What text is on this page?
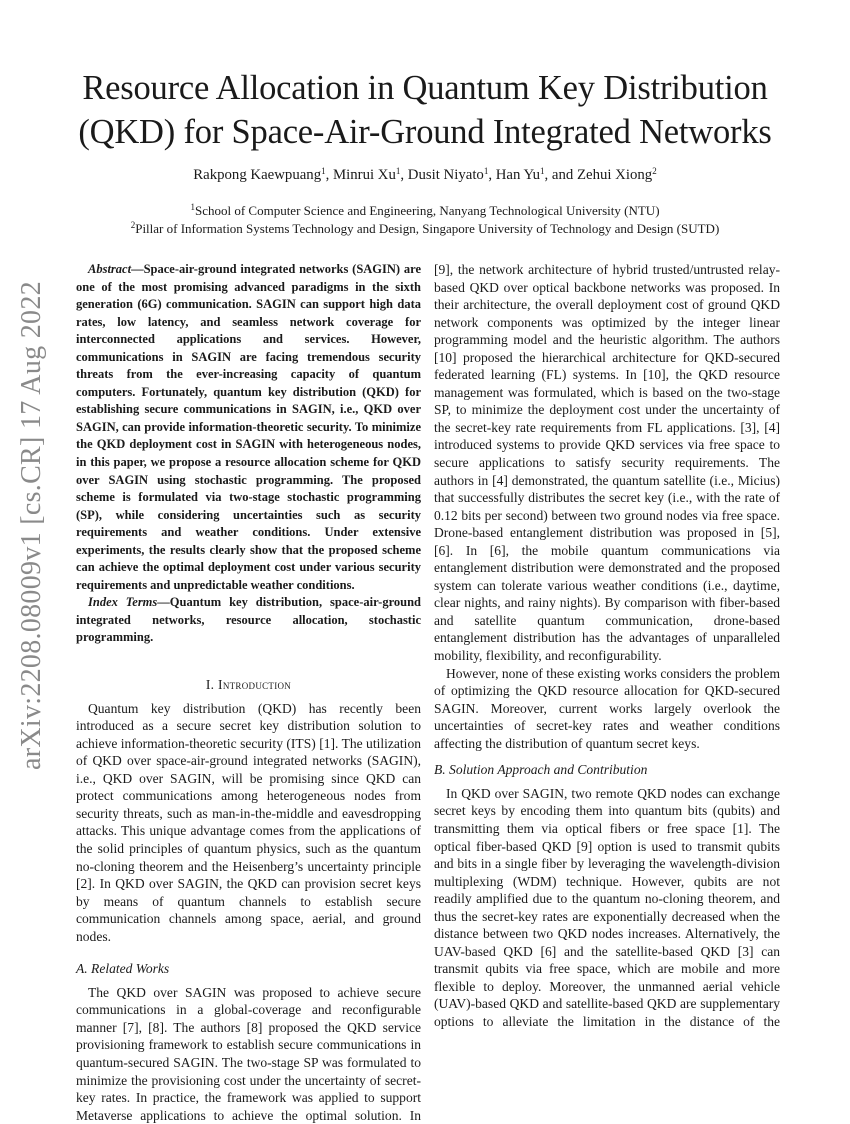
arXiv:2208.08009v1 [cs.CR] 17 Aug 2022
Resource Allocation in Quantum Key Distribution
(QKD) for Space-Air-Ground Integrated Networks
Rakpong Kaewpuang$^1$, Minrui Xu$^1$, Dusit Niyato$^1$, Han Yu$^1$, and Zehui Xiong$^2$
$^1$School of Computer Science and Engineering, Nanyang Technological University (NTU)
$^2$Pillar of Information Systems Technology and Design, Singapore University of Technology and Design (SUTD)

Abstract—Space-air-ground integrated networks (SAGIN) are one of the most promising advanced paradigms in the sixth generation (6G) communication. SAGIN can support high data rates, low latency, and seamless network coverage for interconnected applications and services. However, communications in SAGIN are facing tremendous security threats from the ever-increasing capacity of quantum computers. Fortunately, quantum key distribution (QKD) for establishing secure communications in SAGIN, i.e., QKD over SAGIN, can provide information-theoretic security. To minimize the QKD deployment cost in SAGIN with heterogeneous nodes, in this paper, we propose a resource allocation scheme for QKD over SAGIN using stochastic programming. The proposed scheme is formulated via two-stage stochastic programming (SP), while considering uncertainties such as security requirements and weather conditions. Under extensive experiments, the results clearly show that the proposed scheme can achieve the optimal deployment cost under various security requirements and unpredictable weather conditions.

Index Terms—Quantum key distribution, space-air-ground integrated networks, resource allocation, stochastic programming.

I. Introduction

Quantum key distribution (QKD) has recently been introduced as a secure secret key distribution solution to achieve information-theoretic security (ITS) [1]. The utilization of QKD over space-air-ground integrated networks (SAGIN), i.e., QKD over SAGIN, will be promising since QKD can protect communications among heterogeneous nodes from security threats, such as man-in-the-middle and eavesdropping attacks. This unique advantage comes from the applications of the solid principles of quantum physics, such as the quantum no-cloning theorem and the Heisenberg’s uncertainty principle [2]. In QKD over SAGIN, the QKD can provision secret keys by means of quantum channels to establish secure communication channels among space, aerial, and ground nodes.

A. Related Works

The QKD over SAGIN was proposed to achieve secure communications in a global-coverage and reconfigurable manner [7], [8]. The authors [8] proposed the QKD service provisioning framework to establish secure communications in quantum-secured SAGIN. The two-stage SP was formulated to minimize the provisioning cost under the uncertainty of secret-key rates. In practice, the framework was applied to support Metaverse applications to achieve the optimal solution. In

[9], the network architecture of hybrid trusted/untrusted relay-based QKD over optical backbone networks was proposed. In their architecture, the overall deployment cost of ground QKD network components was optimized by the integer linear programming model and the heuristic algorithm. The authors [10] proposed the hierarchical architecture for QKD-secured federated learning (FL) systems. In [10], the QKD resource management was formulated, which is based on the two-stage SP, to minimize the deployment cost under the uncertainty of the secret-key rate requirements from FL applications. [3], [4] introduced systems to provide QKD services via free space to secure applications to satisfy security requirements. The authors in [4] demonstrated, the quantum satellite (i.e., Micius) that successfully distributes the secret key (i.e., with the rate of 0.12 bits per second) between two ground nodes via free space. Drone-based entanglement distribution was proposed in [5], [6]. In [6], the mobile quantum communications via entanglement distribution were demonstrated and the proposed system can tolerate various weather conditions (i.e., daytime, clear nights, and rainy nights). By comparison with fiber-based and satellite quantum communication, drone-based entanglement distribution has the advantages of unparalleled mobility, flexibility, and reconfigurability.

However, none of these existing works considers the problem of optimizing the QKD resource allocation for QKD-secured SAGIN. Moreover, current works largely overlook the uncertainties of secret-key rates and weather conditions affecting the distribution of quantum secret keys.

B. Solution Approach and Contribution

In QKD over SAGIN, two remote QKD nodes can exchange secret keys by encoding them into quantum bits (qubits) and transmitting them via optical fibers or free space [1]. The optical fiber-based QKD [9] option is used to transmit qubits and bits in a single fiber by leveraging the wavelength-division multiplexing (WDM) technique. However, qubits are not readily amplified due to the quantum no-cloning theorem, and thus the secret-key rates are exponentially decreased when the distance between two QKD nodes increases. Alternatively, the UAV-based QKD [6] and the satellite-based QKD [3] can transmit qubits via free space, which are mobile and more flexible to deploy. Moreover, the unmanned aerial vehicle (UAV)-based QKD and satellite-based QKD are supplementary options to alleviate the limitation in the distance of the
